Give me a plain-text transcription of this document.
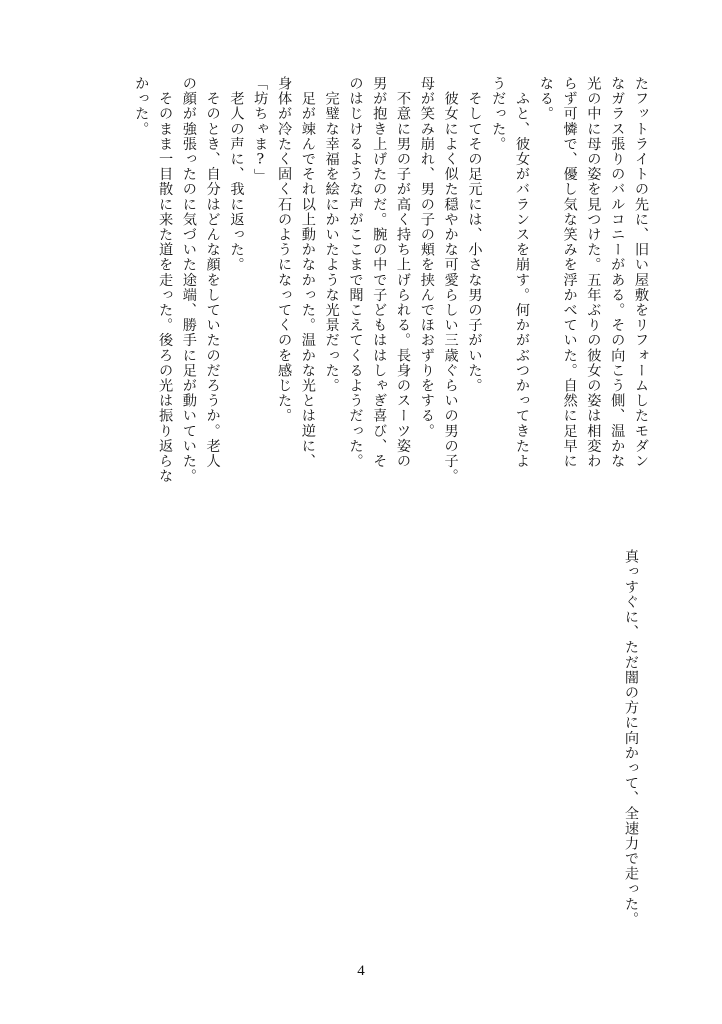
たフットライトの先に、旧い屋敷をリフォームしたモダン
なガラス張りのバルコニーがある。その向こう側、温かな
光の中に母の姿を見つけた。五年ぶりの彼女の姿は相変わ
らず可憐で、優し気な笑みを浮かべていた。自然に足早に
なる。
　ふと、彼女がバランスを崩す。何かがぶつかってきたよ
うだった。
　そしてその足元には、小さな男の子がいた。
　彼女によく似た穏やかな可愛らしい三歳ぐらいの男の子。
母が笑み崩れ、男の子の頬を挟んでほおずりをする。
　不意に男の子が高く持ち上げられる。長身のスーツ姿の
男が抱き上げたのだ。腕の中で子どもははしゃぎ喜び、そ
のはじけるような声がここまで聞こえてくるようだった。
　完璧な幸福を絵にかいたような光景だった。
　足が竦んでそれ以上動かなかった。温かな光とは逆に、
身体が冷たく固く石のようになってくのを感じた。
「坊ちゃま?」
　老人の声に、我に返った。
　そのとき、自分はどんな顔をしていたのだろうか。老人
の顔が強張ったのに気づいた途端、勝手に足が動いていた。
　そのまま一目散に来た道を走った。後ろの光は振り返らな
かった。
　真っすぐに、ただ闇の方に向かって、全速力で走った。
4
